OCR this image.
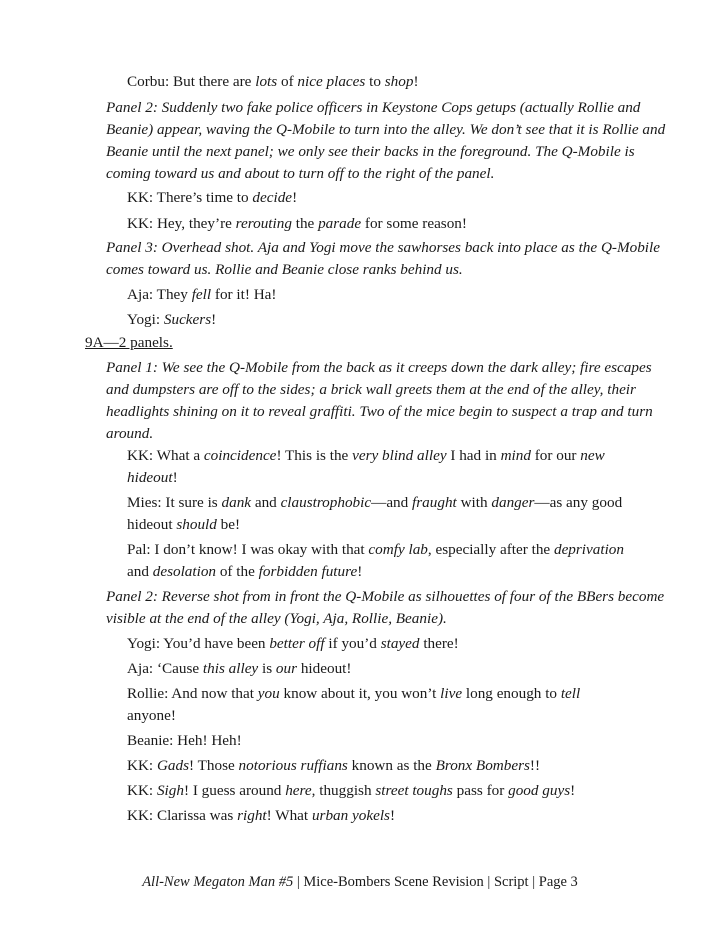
Corbu: But there are lots of nice places to shop!
Panel 2: Suddenly two fake police officers in Keystone Cops getups (actually Rollie and
Beanie) appear, waving the Q-Mobile to turn into the alley. We don’t see that it is Rollie and
Beanie until the next panel; we only see their backs in the foreground. The Q-Mobile is
coming toward us and about to turn off to the right of the panel.
KK: There’s time to decide!
KK: Hey, they’re rerouting the parade for some reason!
Panel 3: Overhead shot. Aja and Yogi move the sawhorses back into place as the Q-Mobile
comes toward us. Rollie and Beanie close ranks behind us.
Aja: They fell for it! Ha!
Yogi: Suckers!
9A—2 panels.
Panel 1: We see the Q-Mobile from the back as it creeps down the dark alley; fire escapes
and dumpsters are off to the sides; a brick wall greets them at the end of the alley, their
headlights shining on it to reveal graffiti. Two of the mice begin to suspect a trap and turn
around.
KK: What a coincidence! This is the very blind alley I had in mind for our new
hideout!
Mies: It sure is dank and claustrophobic—and fraught with danger—as any good
hideout should be!
Pal: I don’t know! I was okay with that comfy lab, especially after the deprivation
and desolation of the forbidden future!
Panel 2: Reverse shot from in front the Q-Mobile as silhouettes of four of the BBers become
visible at the end of the alley (Yogi, Aja, Rollie, Beanie).
Yogi: You’d have been better off if you’d stayed there!
Aja: ‘Cause this alley is our hideout!
Rollie: And now that you know about it, you won’t live long enough to tell
anyone!
Beanie: Heh! Heh!
KK: Gads! Those notorious ruffians known as the Bronx Bombers!!
KK: Sigh! I guess around here, thuggish street toughs pass for good guys!
KK: Clarissa was right! What urban yokels!
All-New Megaton Man #5 | Mice-Bombers Scene Revision | Script | Page 3
